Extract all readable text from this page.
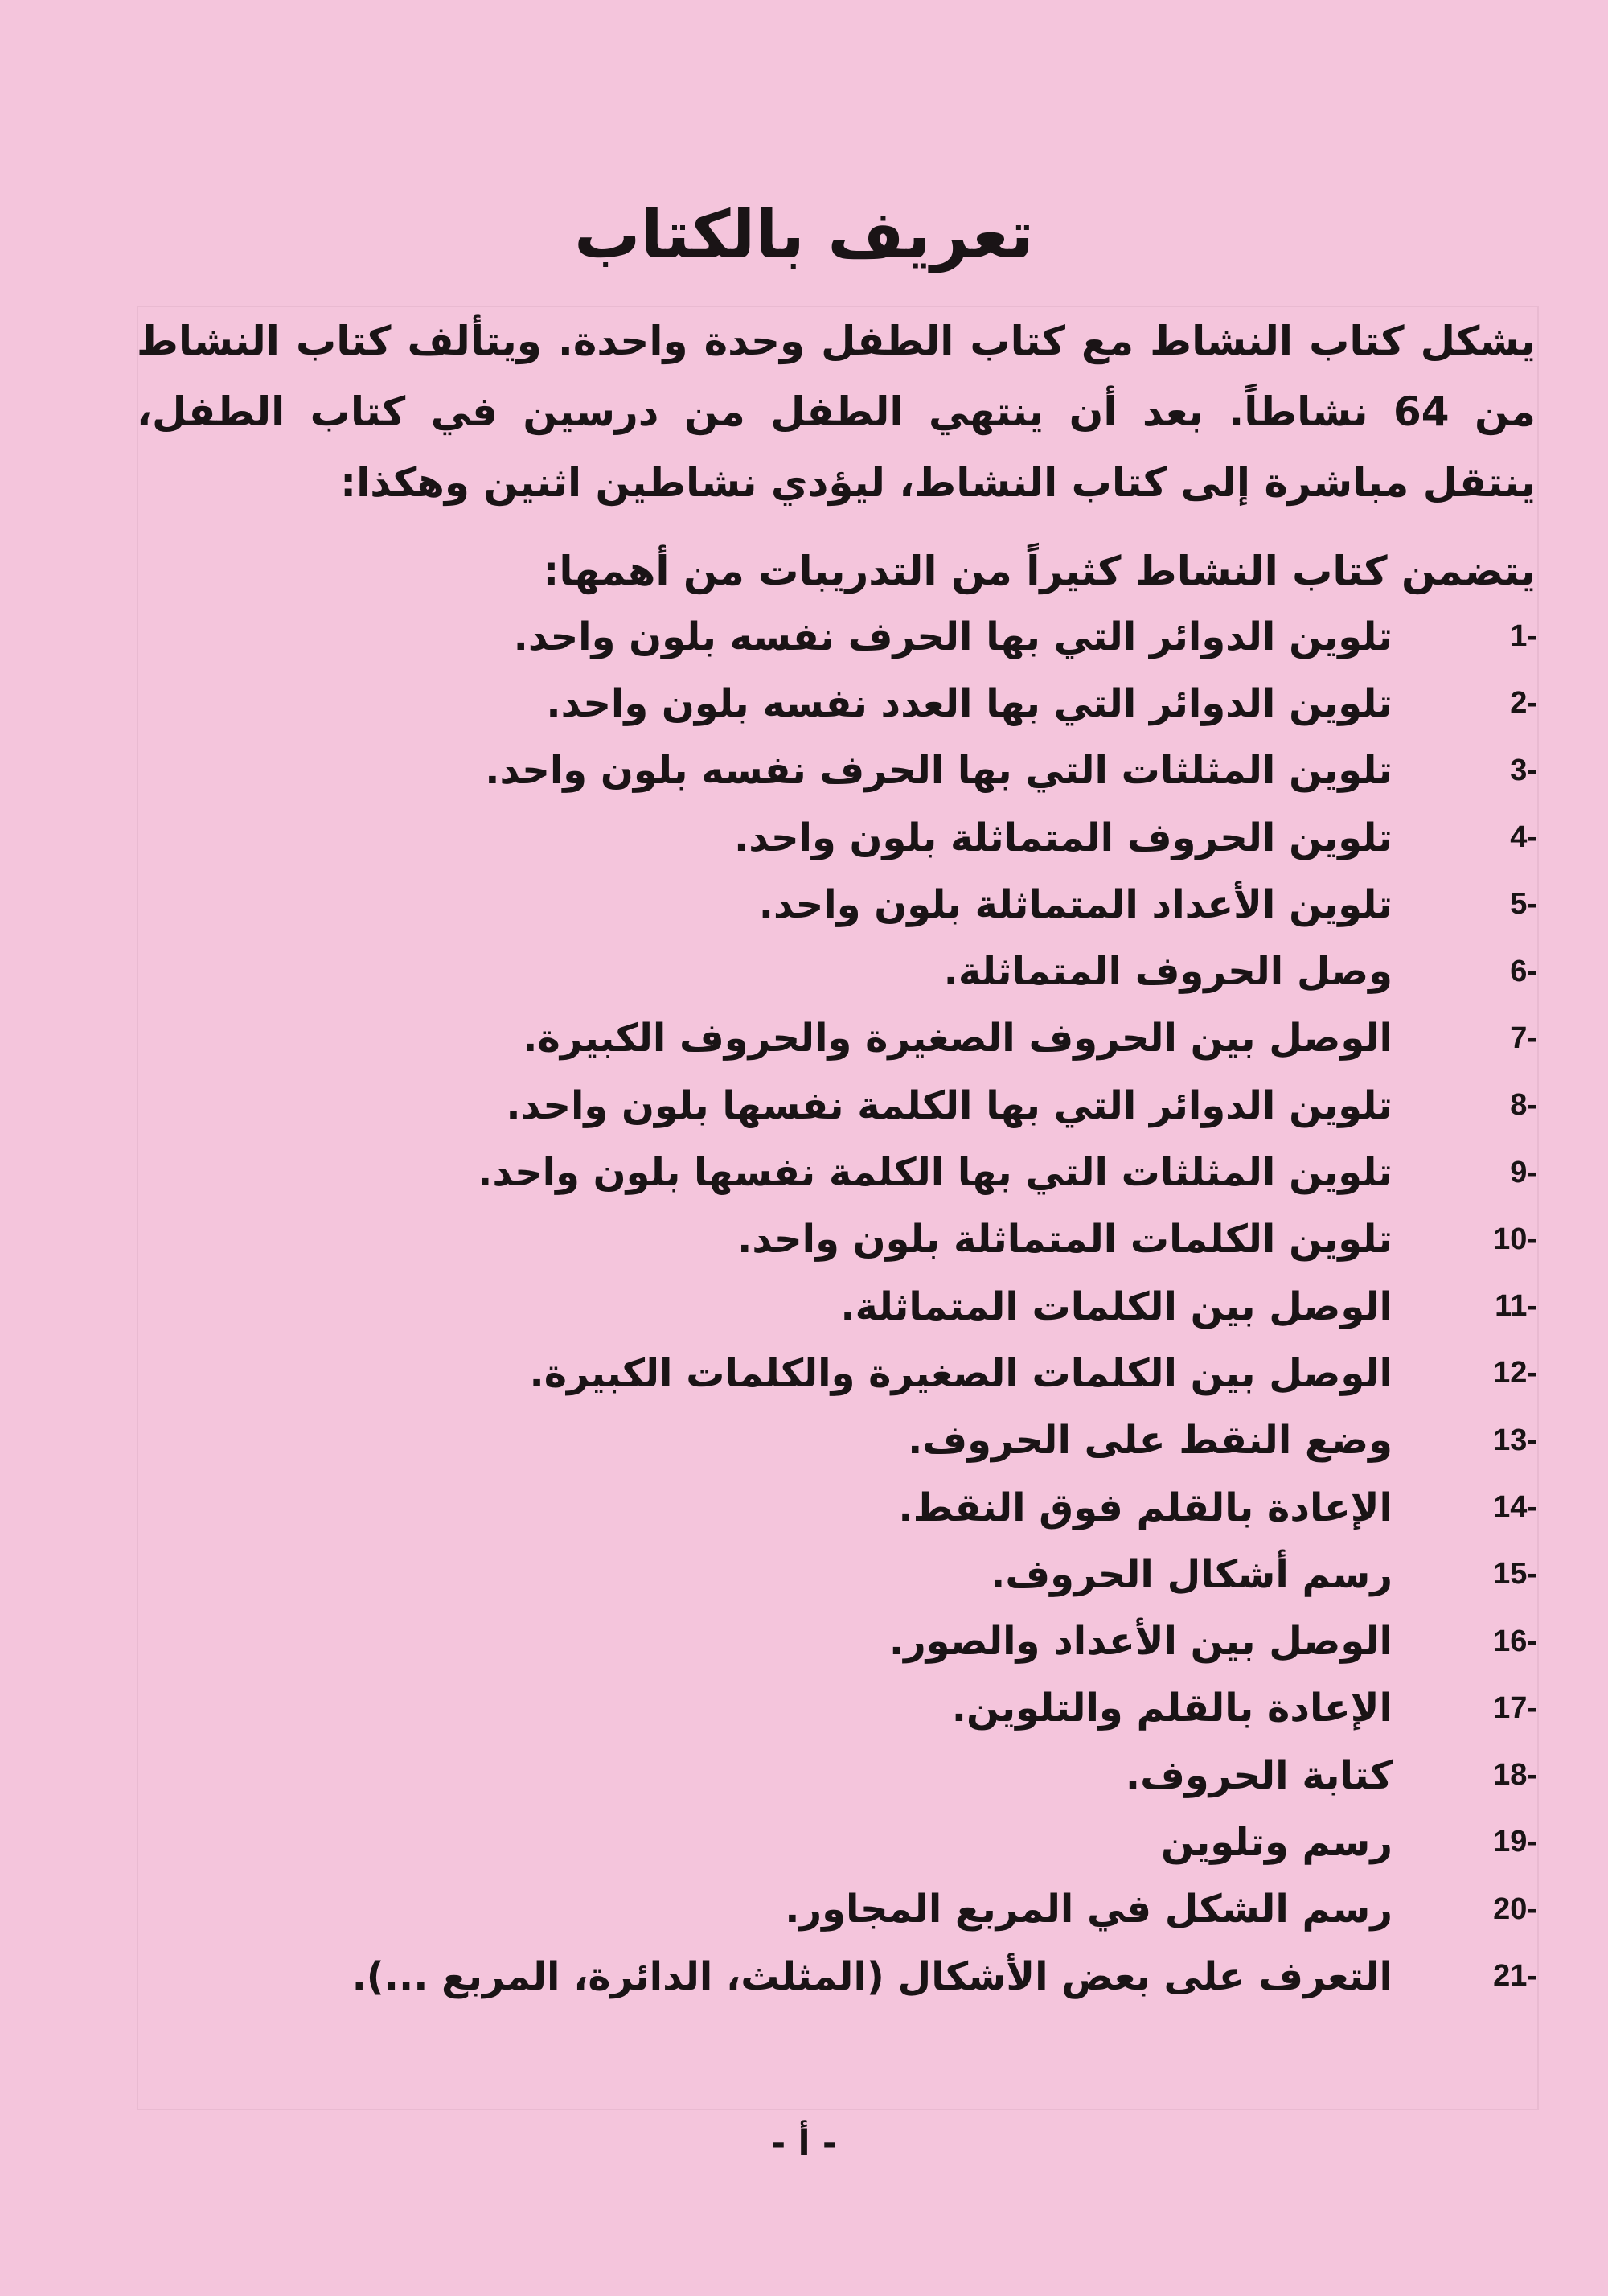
تعريف بالكتاب

يشكل كتاب النشاط مع كتاب الطفل وحدة واحدة. ويتألف كتاب النشاط من 64 نشاطاً. بعد أن ينتهي الطفل من درسين في كتاب الطفل، ينتقل مباشرة إلى كتاب النشاط، ليؤدي نشاطين اثنين وهكذا:

يتضمن كتاب النشاط كثيراً من التدريبات من أهمها:
1-
تلوين الدوائر التي بها الحرف نفسه بلون واحد.
2-
تلوين الدوائر التي بها العدد نفسه بلون واحد.
3-
تلوين المثلثات التي بها الحرف نفسه بلون واحد.
4-
تلوين الحروف المتماثلة بلون واحد.
5-
تلوين الأعداد المتماثلة بلون واحد.
6-
وصل الحروف المتماثلة.
7-
الوصل بين الحروف الصغيرة والحروف الكبيرة.
8-
تلوين الدوائر التي بها الكلمة نفسها بلون واحد.
9-
تلوين المثلثات التي بها الكلمة نفسها بلون واحد.
10-
تلوين الكلمات المتماثلة بلون واحد.
11-
الوصل بين الكلمات المتماثلة.
12-
الوصل بين الكلمات الصغيرة والكلمات الكبيرة.
13-
وضع النقط على الحروف.
14-
الإعادة بالقلم فوق النقط.
15-
رسم أشكال الحروف.
16-
الوصل بين الأعداد والصور.
17-
الإعادة بالقلم والتلوين.
18-
كتابة الحروف.
19-
رسم وتلوين
20-
رسم الشكل في المربع المجاور.
21-
التعرف على بعض الأشكال (المثلث، الدائرة، المربع ...).
- أ -
